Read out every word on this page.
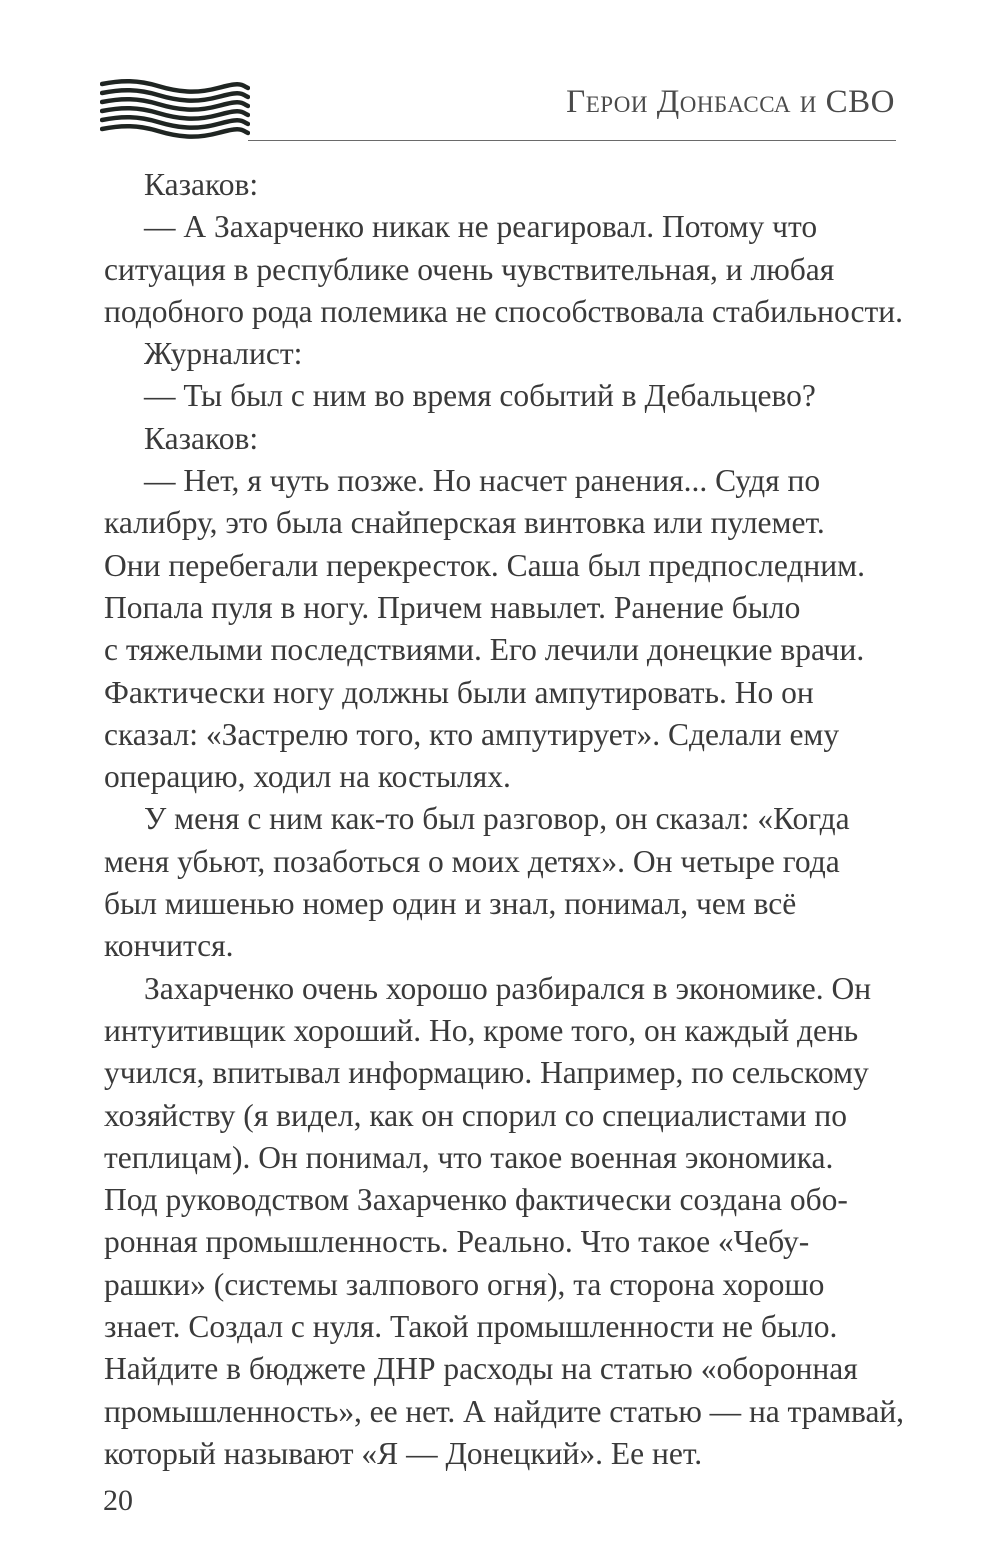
Герои Донбасса и СВО
Казаков:
— А Захарченко никак не реагировал. Потому что
ситуация в республике очень чувствительная, и любая
подобного рода полемика не способствовала стабильности.
Журналист:
— Ты был с ним во время событий в Дебальцево?
Казаков:
— Нет, я чуть позже. Но насчет ранения... Судя по
калибру, это была снайперская винтовка или пулемет.
Они перебегали перекресток. Саша был предпоследним.
Попала пуля в ногу. Причем навылет. Ранение было
с тяжелыми последствиями. Его лечили донецкие врачи.
Фактически ногу должны были ампутировать. Но он
сказал: «Застрелю того, кто ампутирует». Сделали ему
операцию, ходил на костылях.
У меня с ним как-то был разговор, он сказал: «Когда
меня убьют, позаботься о моих детях». Он четыре года
был мишенью номер один и знал, понимал, чем всё
кончится.
Захарченко очень хорошо разбирался в экономике. Он
интуитивщик хороший. Но, кроме того, он каждый день
учился, впитывал информацию. Например, по сельскому
хозяйству (я видел, как он спорил со специалистами по
теплицам). Он понимал, что такое военная экономика.
Под руководством Захарченко фактически создана обо-
ронная промышленность. Реально. Что такое «Чебу-
рашки» (системы залпового огня), та сторона хорошо
знает. Создал с нуля. Такой промышленности не было.
Найдите в бюджете ДНР расходы на статью «оборонная
промышленность», ее нет. А найдите статью — на трамвай,
который называют «Я — Донецкий». Ее нет.
20
